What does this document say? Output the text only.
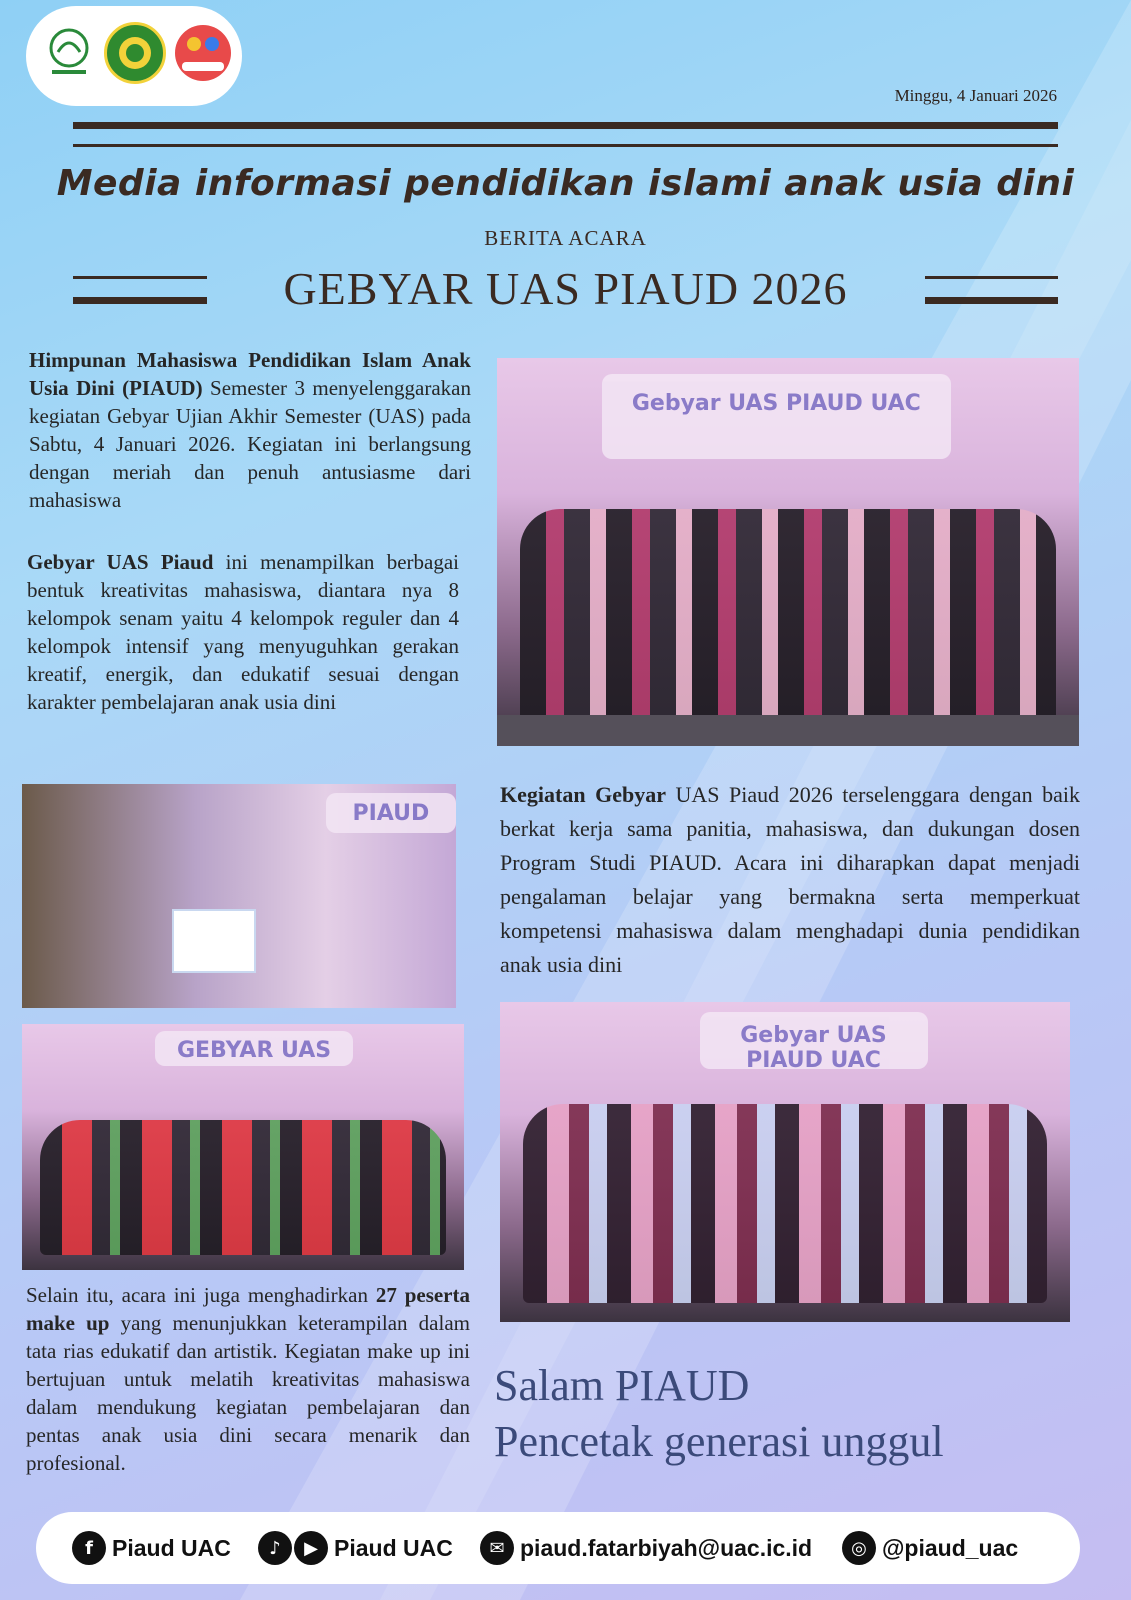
Minggu, 4 Januari 2026
Media informasi pendidikan islami anak usia dini
BERITA ACARA
GEBYAR UAS PIAUD 2026
Himpunan Mahasiswa Pendidikan Islam Anak Usia Dini (PIAUD) Semester 3 menyelenggarakan kegiatan Gebyar Ujian Akhir Semester (UAS) pada Sabtu, 4 Januari 2026. Kegiatan ini berlangsung dengan meriah dan penuh antusiasme dari mahasiswa
Gebyar UAS Piaud ini menampilkan berbagai bentuk kreativitas mahasiswa, diantara nya 8 kelompok senam yaitu 4 kelompok reguler dan 4 kelompok intensif yang menyuguhkan gerakan kreatif, energik, dan edukatif sesuai dengan karakter pembelajaran anak usia dini
Gebyar UAS PIAUD UAC
PIAUD
GEBYAR UAS
Kegiatan Gebyar UAS Piaud 2026 terselenggara dengan baik berkat kerja sama panitia, mahasiswa, dan dukungan dosen Program Studi PIAUD. Acara ini diharapkan dapat menjadi pengalaman belajar yang bermakna serta memperkuat kompetensi mahasiswa dalam menghadapi dunia pendidikan anak usia dini
Gebyar UAS PIAUD UAC
Selain itu, acara ini juga menghadirkan 27 peserta make up yang menunjukkan keterampilan dalam tata rias edukatif dan artistik. Kegiatan make up ini bertujuan untuk melatih kreativitas mahasiswa dalam mendukung kegiatan pembelajaran dan pentas anak usia dini secara menarik dan profesional.
Salam PIAUD
Pencetak generasi unggul
f Piaud UAC	♪	▶ Piaud UAC	✉ piaud.fatarbiyah@uac.ic.id	◎ @piaud_uac
